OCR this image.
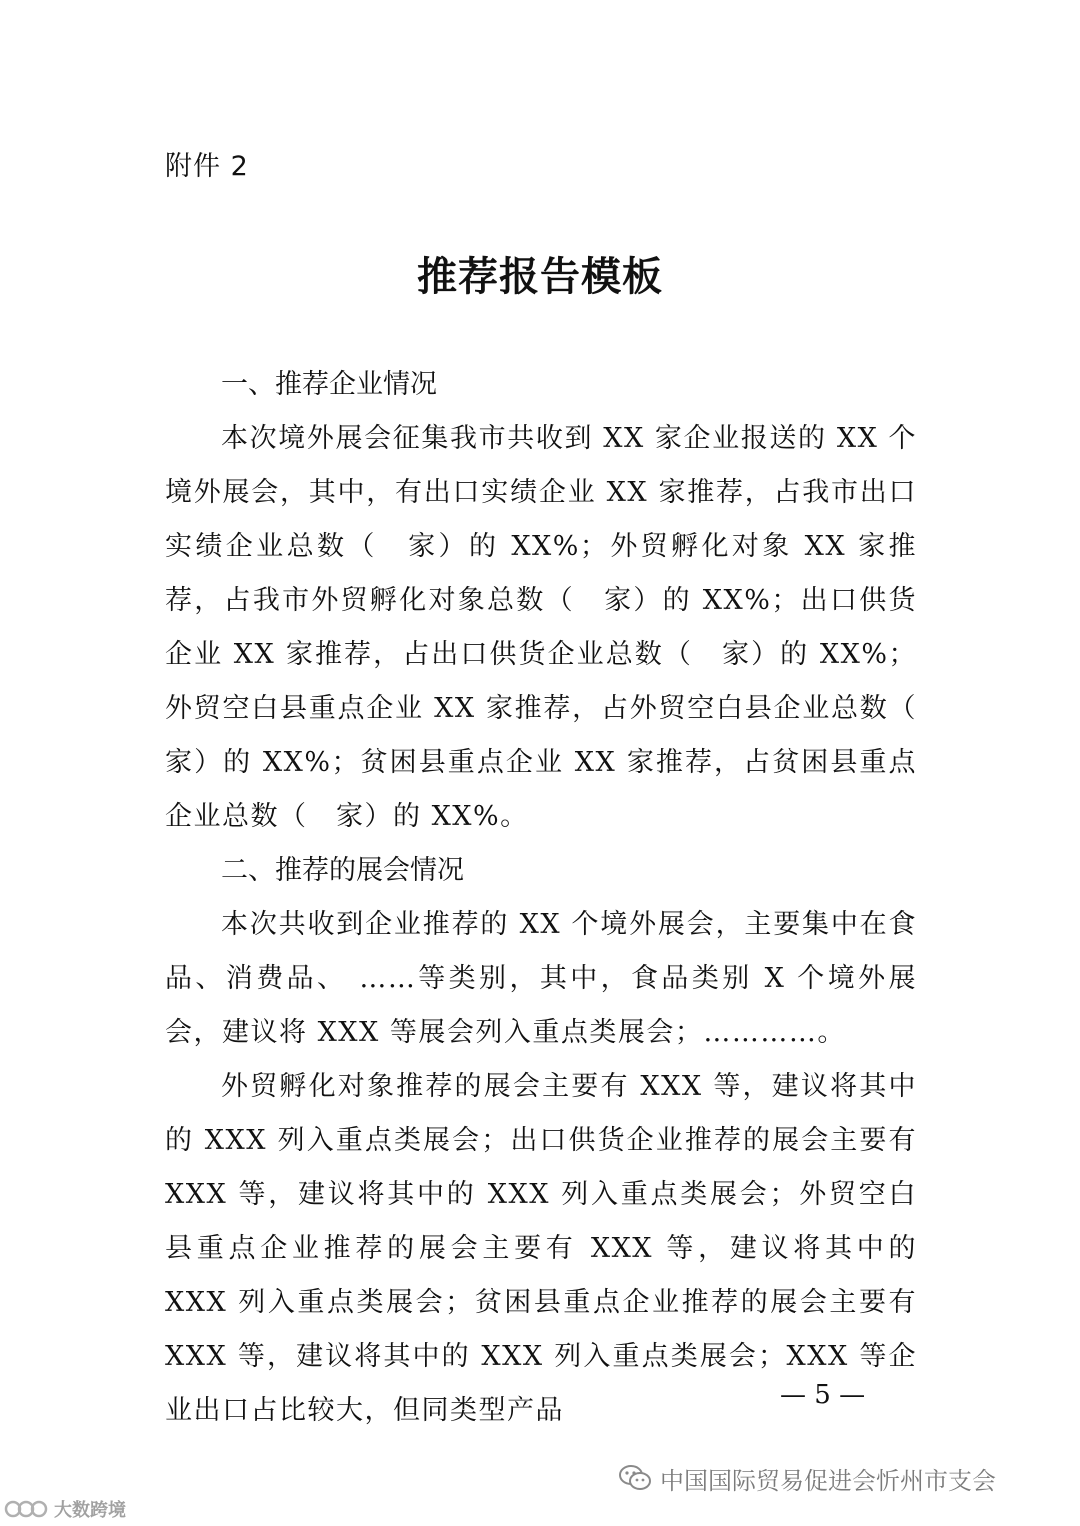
附件 2
推荐报告模板
一、推荐企业情况

本次境外展会征集我市共收到 XX 家企业报送的 XX 个境外展会，其中，有出口实绩企业 XX 家推荐，占我市出口实绩企业总数（　家）的 XX%；外贸孵化对象 XX 家推荐，占我市外贸孵化对象总数（　家）的 XX%；出口供货企业 XX 家推荐，占出口供货企业总数（　家）的 XX%；外贸空白县重点企业 XX 家推荐，占外贸空白县企业总数（　家）的 XX%；贫困县重点企业 XX 家推荐，占贫困县重点企业总数（　家）的 XX%。

二、推荐的展会情况

本次共收到企业推荐的 XX 个境外展会，主要集中在食品、消费品、 ……等类别，其中，食品类别 X 个境外展会，建议将 XXX 等展会列入重点类展会；…………。

外贸孵化对象推荐的展会主要有 XXX 等，建议将其中的 XXX 列入重点类展会；出口供货企业推荐的展会主要有 XXX 等，建议将其中的 XXX 列入重点类展会；外贸空白县重点企业推荐的展会主要有 XXX 等，建议将其中的 XXX 列入重点类展会；贫困县重点企业推荐的展会主要有 XXX 等，建议将其中的 XXX 列入重点类展会；XXX 等企业出口占比较大，但同类型产品	— 5 —
中国国际贸易促进会忻州市支会
大数跨境
